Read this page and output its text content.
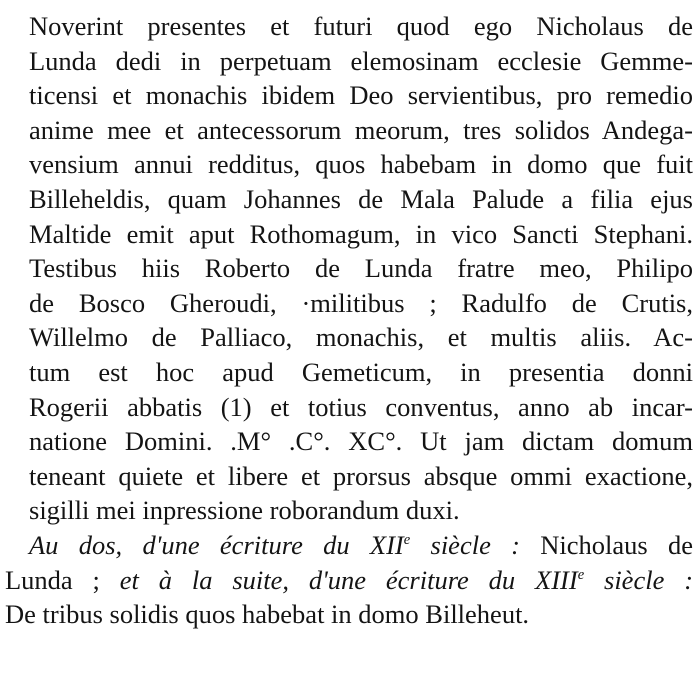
Noverint presentes et futuri quod ego Nicholaus de
Lunda dedi in perpetuam elemosinam ecclesie Gemme-
ticensi et monachis ibidem Deo servientibus, pro remedio
anime mee et antecessorum meorum, tres solidos Andega-
vensium annui redditus, quos habebam in domo que fuit
Billeheldis, quam Johannes de Mala Palude a filia ejus
Maltide emit aput Rothomagum, in vico Sancti Stephani.
Testibus hiis Roberto de Lunda fratre meo, Philipo
de Bosco Gheroudi, ·militibus ; Radulfo de Crutis,
Willelmo de Palliaco, monachis, et multis aliis. Ac-
tum est hoc apud Gemeticum, in presentia donni
Rogerii abbatis (1) et totius conventus, anno ab incar-
natione Domini. .M° .C°. XC°. Ut jam dictam domum
teneant quiete et libere et prorsus absque ommi exactione,
sigilli mei inpressione roborandum duxi.

Au dos, d'une écriture du XIIe siècle : Nicholaus de
Lunda ; et à la suite, d'une écriture du XIIIe siècle :
De tribus solidis quos habebat in domo Billeheut.
